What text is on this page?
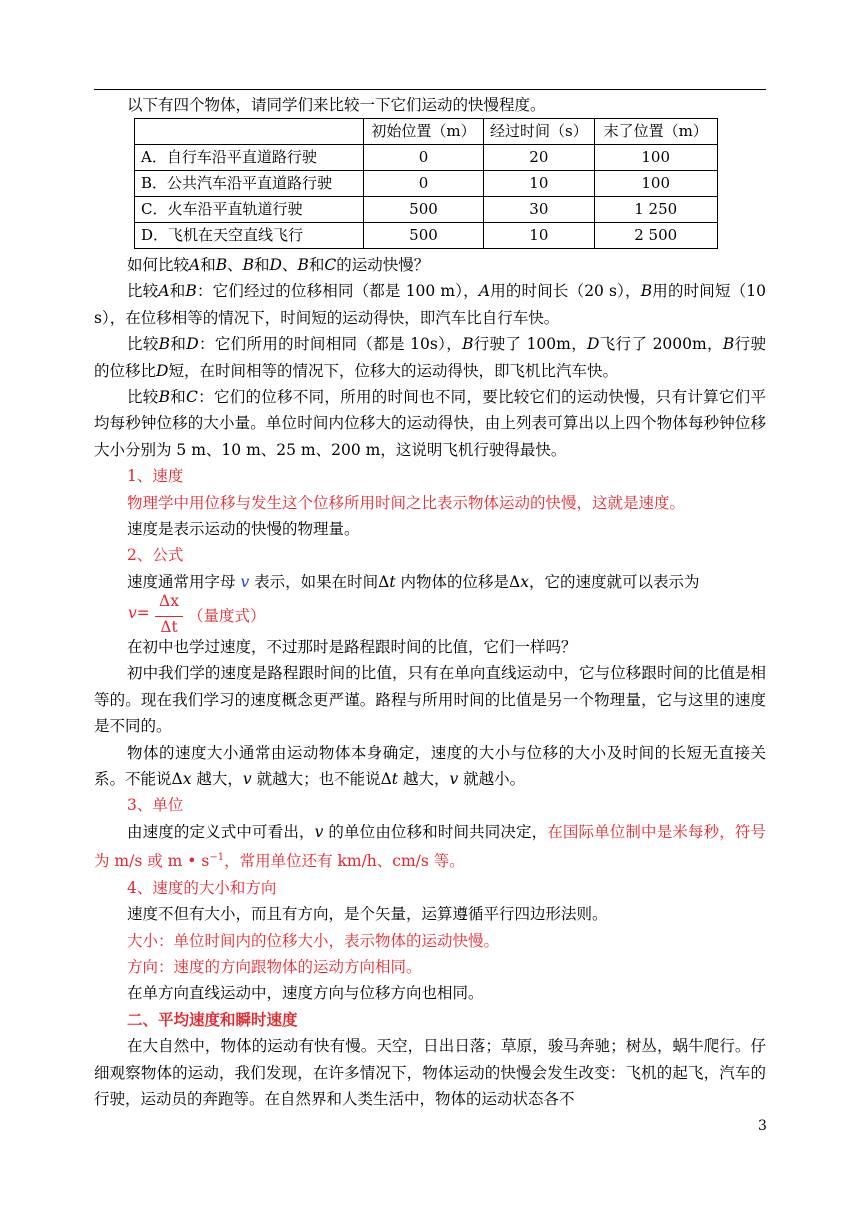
以下有四个物体，请同学们来比较一下它们运动的快慢程度。

	初始位置（m）	经过时间（s）	末了位置（m）
A．自行车沿平直道路行驶	0	20	100
B．公共汽车沿平直道路行驶	0	10	100
C．火车沿平直轨道行驶	500	30	1 250
D．飞机在天空直线飞行	500	10	2 500

如何比较A和B、B和D、B和C的运动快慢？

比较A和B：它们经过的位移相同（都是 100 m），A用的时间长（20 s），B用的时间短（10 s），在位移相等的情况下，时间短的运动得快，即汽车比自行车快。

比较B和D：它们所用的时间相同（都是 10s），B行驶了 100m，D飞行了 2000m，B行驶的位移比D短，在时间相等的情况下，位移大的运动得快，即飞机比汽车快。

比较B和C：它们的位移不同，所用的时间也不同，要比较它们的运动快慢，只有计算它们平均每秒钟位移的大小量。单位时间内位移大的运动得快，由上列表可算出以上四个物体每秒钟位移大小分别为 5 m、10 m、25 m、200 m，这说明飞机行驶得最快。

1、速度

物理学中用位移与发生这个位移所用时间之比表示物体运动的快慢，这就是速度。

速度是表示运动的快慢的物理量。

2、公式

速度通常用字母 v 表示，如果在时间Δt 内物体的位移是Δx，它的速度就可以表示为

v=
Δx
Δt
（量度式）

在初中也学过速度，不过那时是路程跟时间的比值，它们一样吗？

初中我们学的速度是路程跟时间的比值，只有在单向直线运动中，它与位移跟时间的比值是相等的。现在我们学习的速度概念更严谨。路程与所用时间的比值是另一个物理量，它与这里的速度是不同的。

物体的速度大小通常由运动物体本身确定，速度的大小与位移的大小及时间的长短无直接关系。不能说Δx 越大，v 就越大；也不能说Δt 越大，v 就越小。

3、单位

由速度的定义式中可看出，v 的单位由位移和时间共同决定，在国际单位制中是米每秒，符号为 m/s 或 m • $s^{-1}$，常用单位还有 km/h、cm/s 等。

4、速度的大小和方向

速度不但有大小，而且有方向，是个矢量，运算遵循平行四边形法则。

大小：单位时间内的位移大小，表示物体的运动快慢。

方向：速度的方向跟物体的运动方向相同。

在单方向直线运动中，速度方向与位移方向也相同。

二、平均速度和瞬时速度

在大自然中，物体的运动有快有慢。天空，日出日落；草原，骏马奔驰；树丛，蜗牛爬行。仔细观察物体的运动，我们发现，在许多情况下，物体运动的快慢会发生改变：飞机的起飞，汽车的行驶，运动员的奔跑等。在自然界和人类生活中，物体的运动状态各不

3
